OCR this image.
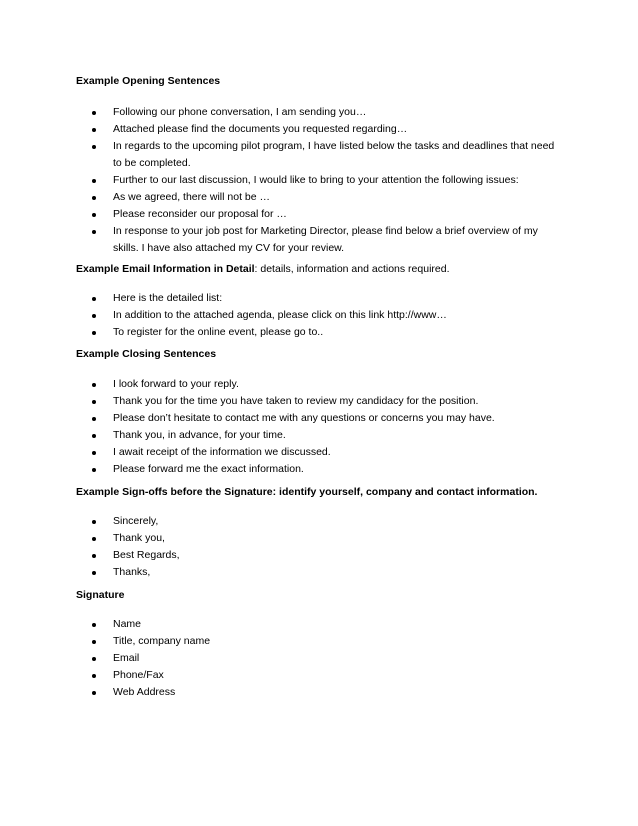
Example Opening Sentences

Following our phone conversation, I am sending you…
Attached please find the documents you requested regarding…
In regards to the upcoming pilot program, I have listed below the tasks and deadlines that need to be completed.
Further to our last discussion, I would like to bring to your attention the following issues:
As we agreed, there will not be …
Please reconsider our proposal for …
In response to your job post for Marketing Director, please find below a brief overview of my skills. I have also attached my CV for your review.

Example Email Information in Detail: details, information and actions required.

Here is the detailed list:
In addition to the attached agenda, please click on this link http://www…
To register for the online event, please go to..

Example Closing Sentences

I look forward to your reply.
Thank you for the time you have taken to review my candidacy for the position.
Please don’t hesitate to contact me with any questions or concerns you may have.
Thank you, in advance, for your time.
I await receipt of the information we discussed.
Please forward me the exact information.

Example Sign-offs before the Signature: identify yourself, company and contact information.

Sincerely,
Thank you,
Best Regards,
Thanks,

Signature

Name
Title, company name
Email
Phone/Fax
Web Address
